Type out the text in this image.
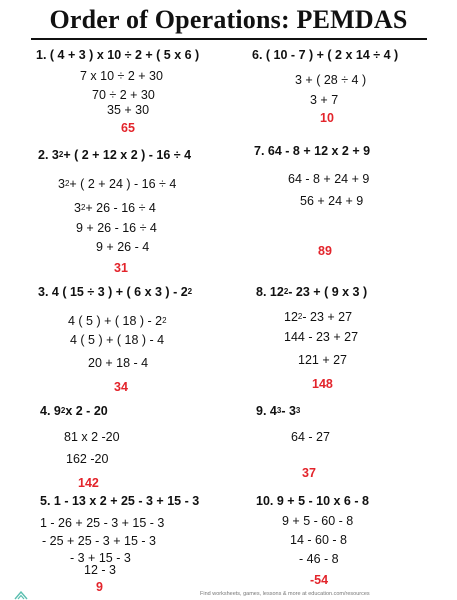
Order of Operations: PEMDAS
1. ( 4 + 3 ) x 10 ÷ 2 + ( 5 x 6 )
7 x 10 ÷ 2 + 30
70 ÷ 2 + 30
35 + 30
65
2. $3^2+$ ( 2 + 12 x 2 ) - 16 ÷ 4
$3^2+$ ( 2 + 24 ) - 16 ÷ 4
$3^2+ 26 - 16 \div 4$
9 + 26 - 16 ÷ 4
9 + 26 - 4
31
3. 4 ( 15 ÷ 3 ) + ( 6 x 3 ) - $2^2$
4 ( 5 ) + ( 18 ) - $2^2$
4 ( 5 ) + ( 18 ) - 4
20 + 18 - 4
34
4. $9^2x$ 2 - 20
81 x 2 -20
162 -20
142
5. 1 - 13 x 2 + 25 - 3 + 15 - 3
1 - 26 + 25 - 3 + 15 - 3
- 25 + 25 - 3 + 15 - 3
- 3 + 15 - 3
12 - 3
9
6. ( 10 - 7 ) + ( 2 x 14 ÷ 4 )
3 + ( 28 ÷ 4 )
3 + 7
10
7. 64 - 8 + 12 x 2 + 9
64 - 8 + 24 + 9
56 + 24 + 9
89
8. $12^2-$ 23 + ( 9 x 3 )
$12^2-$ 23 + 27
144 - 23 + 27
121 + 27
148
9. $4^3-$ $3^3$
64 - 27
37
10. 9 + 5 - 10 x 6 - 8
9 + 5 - 60 - 8
14 - 60 - 8
- 46 - 8
-54
Find worksheets, games, lessons & more at education.com/resources
